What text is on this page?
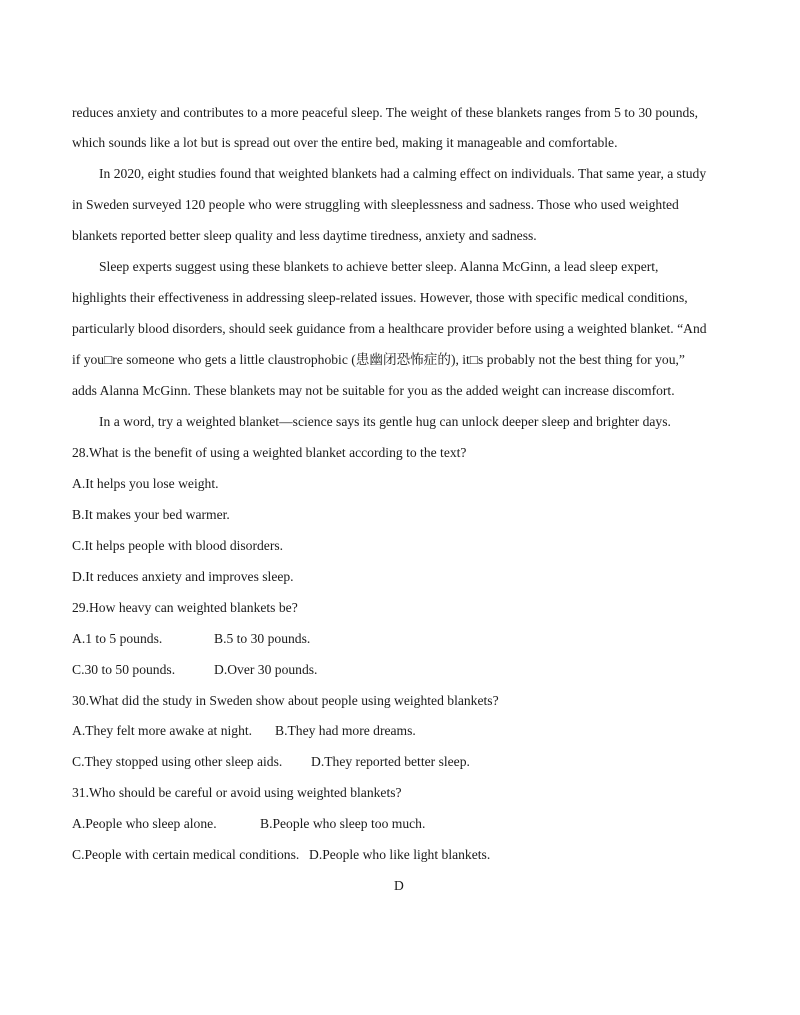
reduces anxiety and contributes to a more peaceful sleep. The weight of these blankets ranges from 5 to 30 pounds,
which sounds like a lot but is spread out over the entire bed, making it manageable and comfortable.
In 2020, eight studies found that weighted blankets had a calming effect on individuals. That same year, a study
in Sweden surveyed 120 people who were struggling with sleeplessness and sadness. Those who used weighted
blankets reported better sleep quality and less daytime tiredness, anxiety and sadness.
Sleep experts suggest using these blankets to achieve better sleep. Alanna McGinn, a lead sleep expert,
highlights their effectiveness in addressing sleep-related issues. However, those with specific medical conditions,
particularly blood disorders, should seek guidance from a healthcare provider before using a weighted blanket. “And
if you□re someone who gets a little claustrophobic (患幽闭恐怖症的), it□s probably not the best thing for you,”
adds Alanna McGinn. These blankets may not be suitable for you as the added weight can increase discomfort.
In a word, try a weighted blanket—science says its gentle hug can unlock deeper sleep and brighter days.
28.What is the benefit of using a weighted blanket according to the text?
A.It helps you lose weight.
B.It makes your bed warmer.
C.It helps people with blood disorders.
D.It reduces anxiety and improves sleep.
29.How heavy can weighted blankets be?
A.1 to 5 pounds.	B.5 to 30 pounds.
C.30 to 50 pounds.	D.Over 30 pounds.
30.What did the study in Sweden show about people using weighted blankets?
A.They felt more awake at night. B.They had more dreams.
C.They stopped using other sleep aids. D.They reported better sleep.
31.Who should be careful or avoid using weighted blankets?
A.People who sleep alone.	B.People who sleep too much.
C.People with certain medical conditions. D.People who like light blankets.
D
